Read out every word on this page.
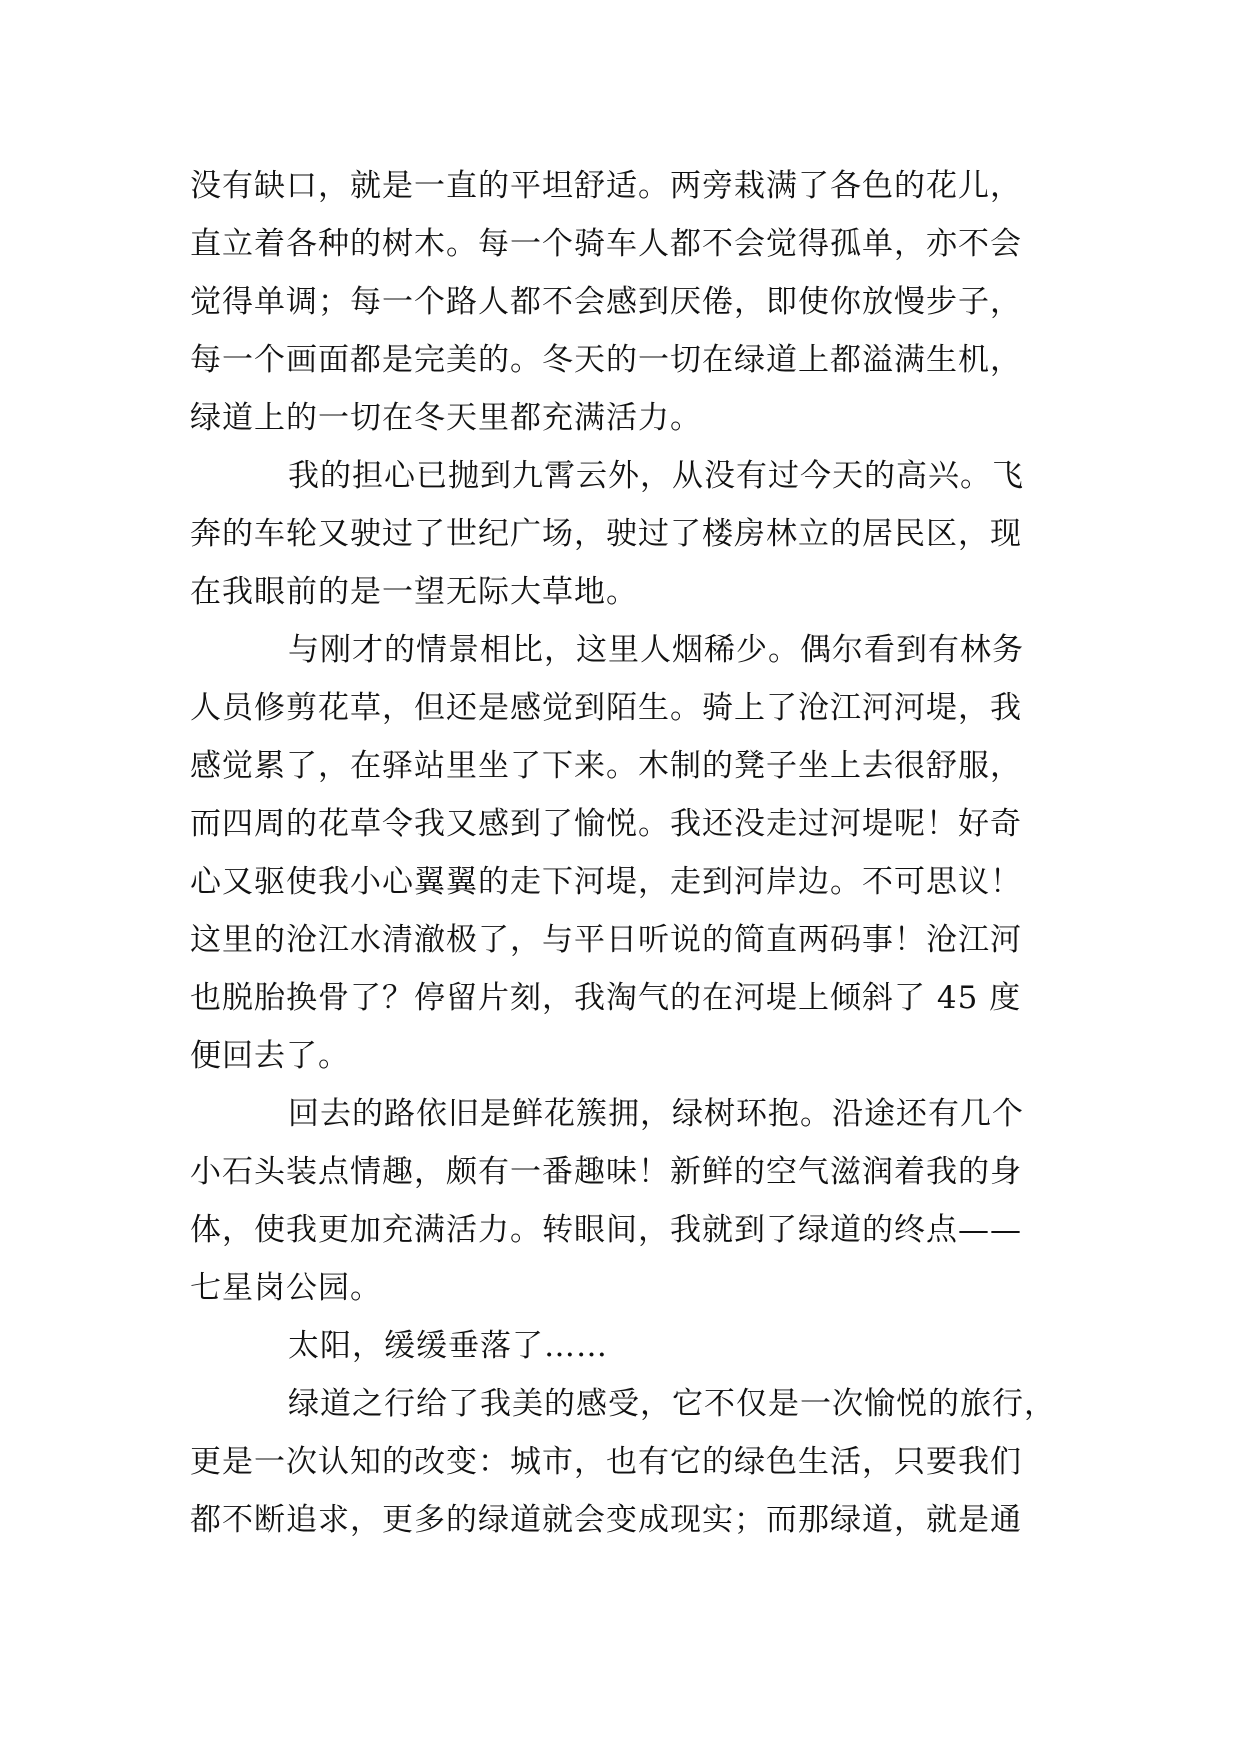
没有缺口，就是一直的平坦舒适。两旁栽满了各色的花儿，
直立着各种的树木。每一个骑车人都不会觉得孤单，亦不会
觉得单调；每一个路人都不会感到厌倦，即使你放慢步子，
每一个画面都是完美的。冬天的一切在绿道上都溢满生机，
绿道上的一切在冬天里都充满活力。
我的担心已抛到九霄云外，从没有过今天的高兴。飞
奔的车轮又驶过了世纪广场，驶过了楼房林立的居民区，现
在我眼前的是一望无际大草地。
与刚才的情景相比，这里人烟稀少。偶尔看到有林务
人员修剪花草，但还是感觉到陌生。骑上了沧江河河堤，我
感觉累了，在驿站里坐了下来。木制的凳子坐上去很舒服，
而四周的花草令我又感到了愉悦。我还没走过河堤呢！好奇
心又驱使我小心翼翼的走下河堤，走到河岸边。不可思议！
这里的沧江水清澈极了，与平日听说的简直两码事！沧江河
也脱胎换骨了？停留片刻，我淘气的在河堤上倾斜了 45 度
便回去了。
回去的路依旧是鲜花簇拥，绿树环抱。沿途还有几个
小石头装点情趣，颇有一番趣味！新鲜的空气滋润着我的身
体，使我更加充满活力。转眼间，我就到了绿道的终点——
七星岗公园。
太阳，缓缓垂落了……
绿道之行给了我美的感受，它不仅是一次愉悦的旅行，
更是一次认知的改变：城市，也有它的绿色生活，只要我们
都不断追求，更多的绿道就会变成现实；而那绿道，就是通
